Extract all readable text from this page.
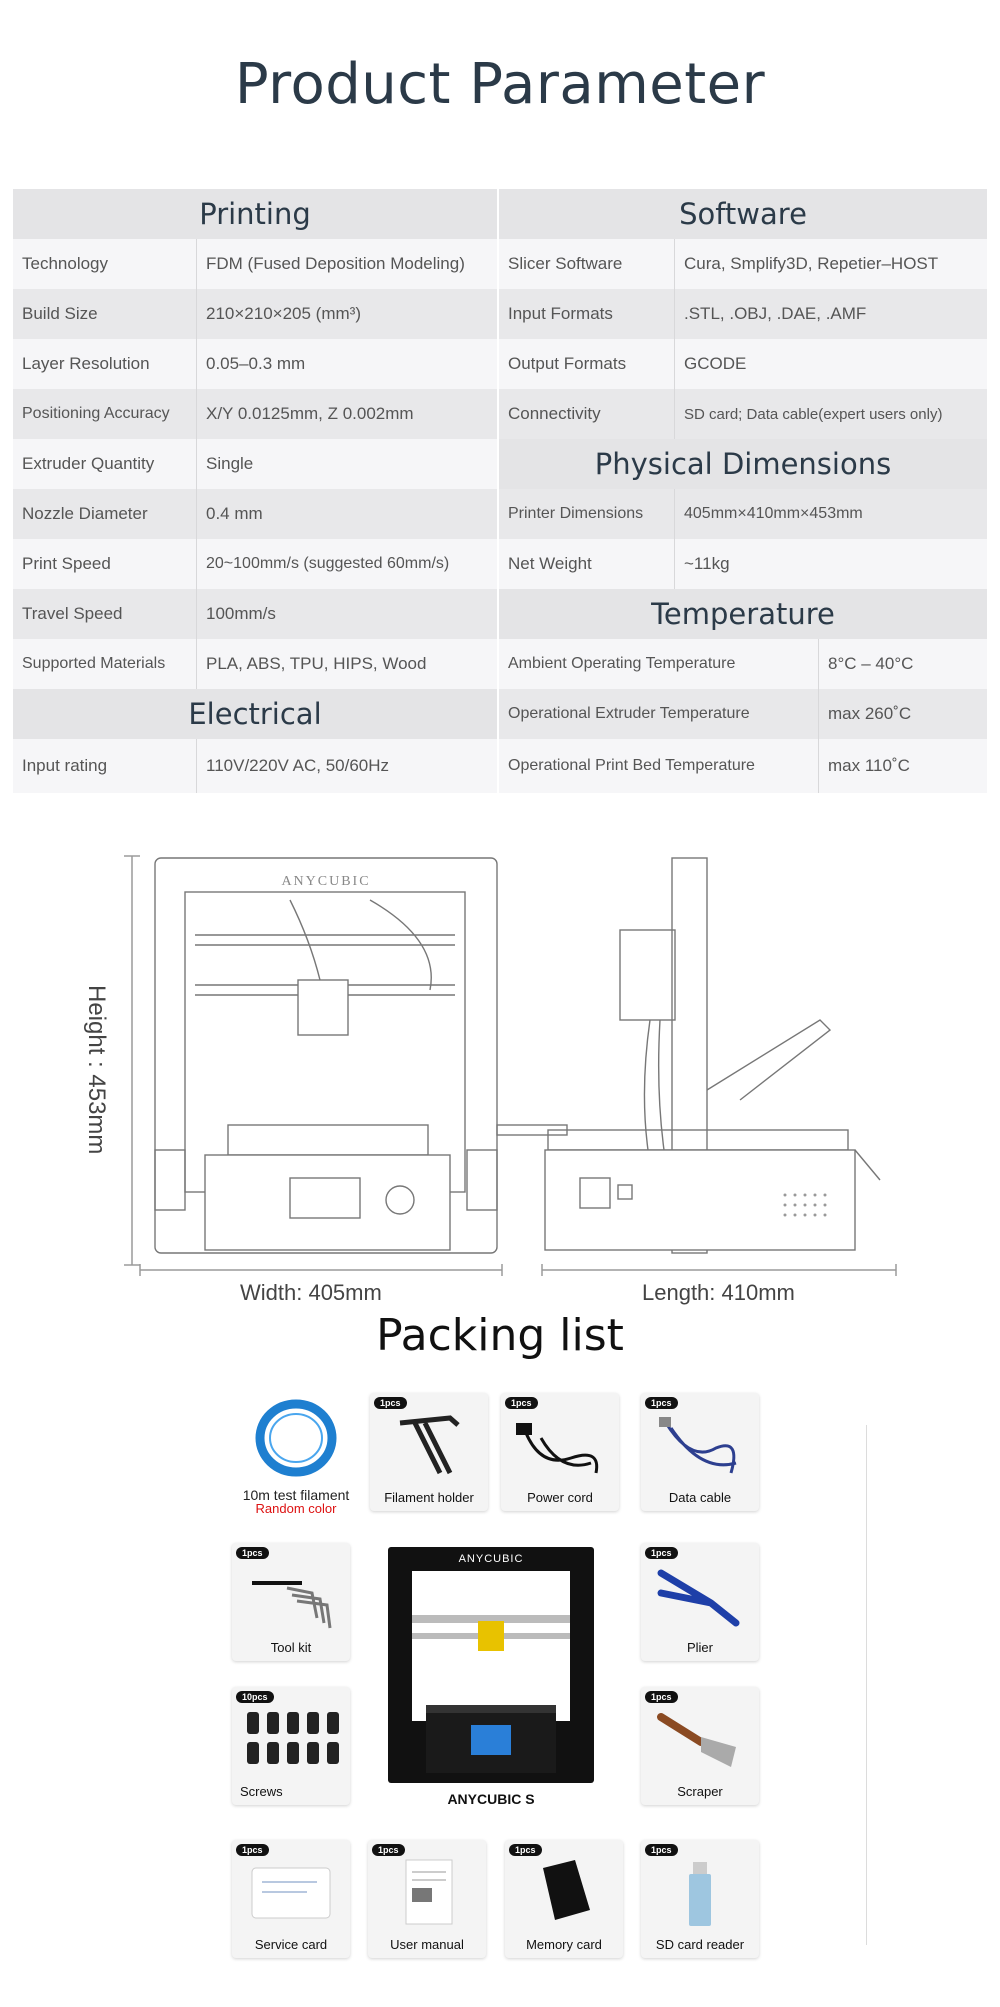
Product Parameter
Printing
Technology	FDM (Fused Deposition Modeling)
Build Size	210×210×205 (mm³)
Layer Resolution	0.05–0.3 mm
Positioning Accuracy	X/Y 0.0125mm, Z 0.002mm
Extruder Quantity	Single
Nozzle Diameter	0.4 mm
Print Speed	20~100mm/s (suggested 60mm/s)
Travel Speed	100mm/s
Supported Materials	PLA, ABS, TPU, HIPS, Wood
Electrical
Input rating	110V/220V AC, 50/60Hz
Software
Slicer Software	Cura, Smplify3D, Repetier–HOST
Input Formats	.STL, .OBJ, .DAE, .AMF
Output Formats	GCODE
Connectivity	SD card; Data cable(expert users only)
Physical Dimensions
Printer Dimensions	405mm×410mm×453mm
Net Weight	~11kg
Temperature
Ambient Operating Temperature	8°C – 40°C
Operational Extruder Temperature	max 260˚C
Operational Print Bed Temperature	max 110˚C
ANYCUBIC
Height : 453mm
Width: 405mm	Length: 410mm
Packing list
10m test filament
Random color
1pcs
Filament holder
1pcs
Power cord
1pcs
Data cable
1pcs
Tool kit
ANYCUBIC
ANYCUBIC S
1pcs
Plier
10pcs
Screws
1pcs
Scraper
1pcs
Service card
1pcs
User manual
1pcs
Memory card
1pcs
SD card reader
